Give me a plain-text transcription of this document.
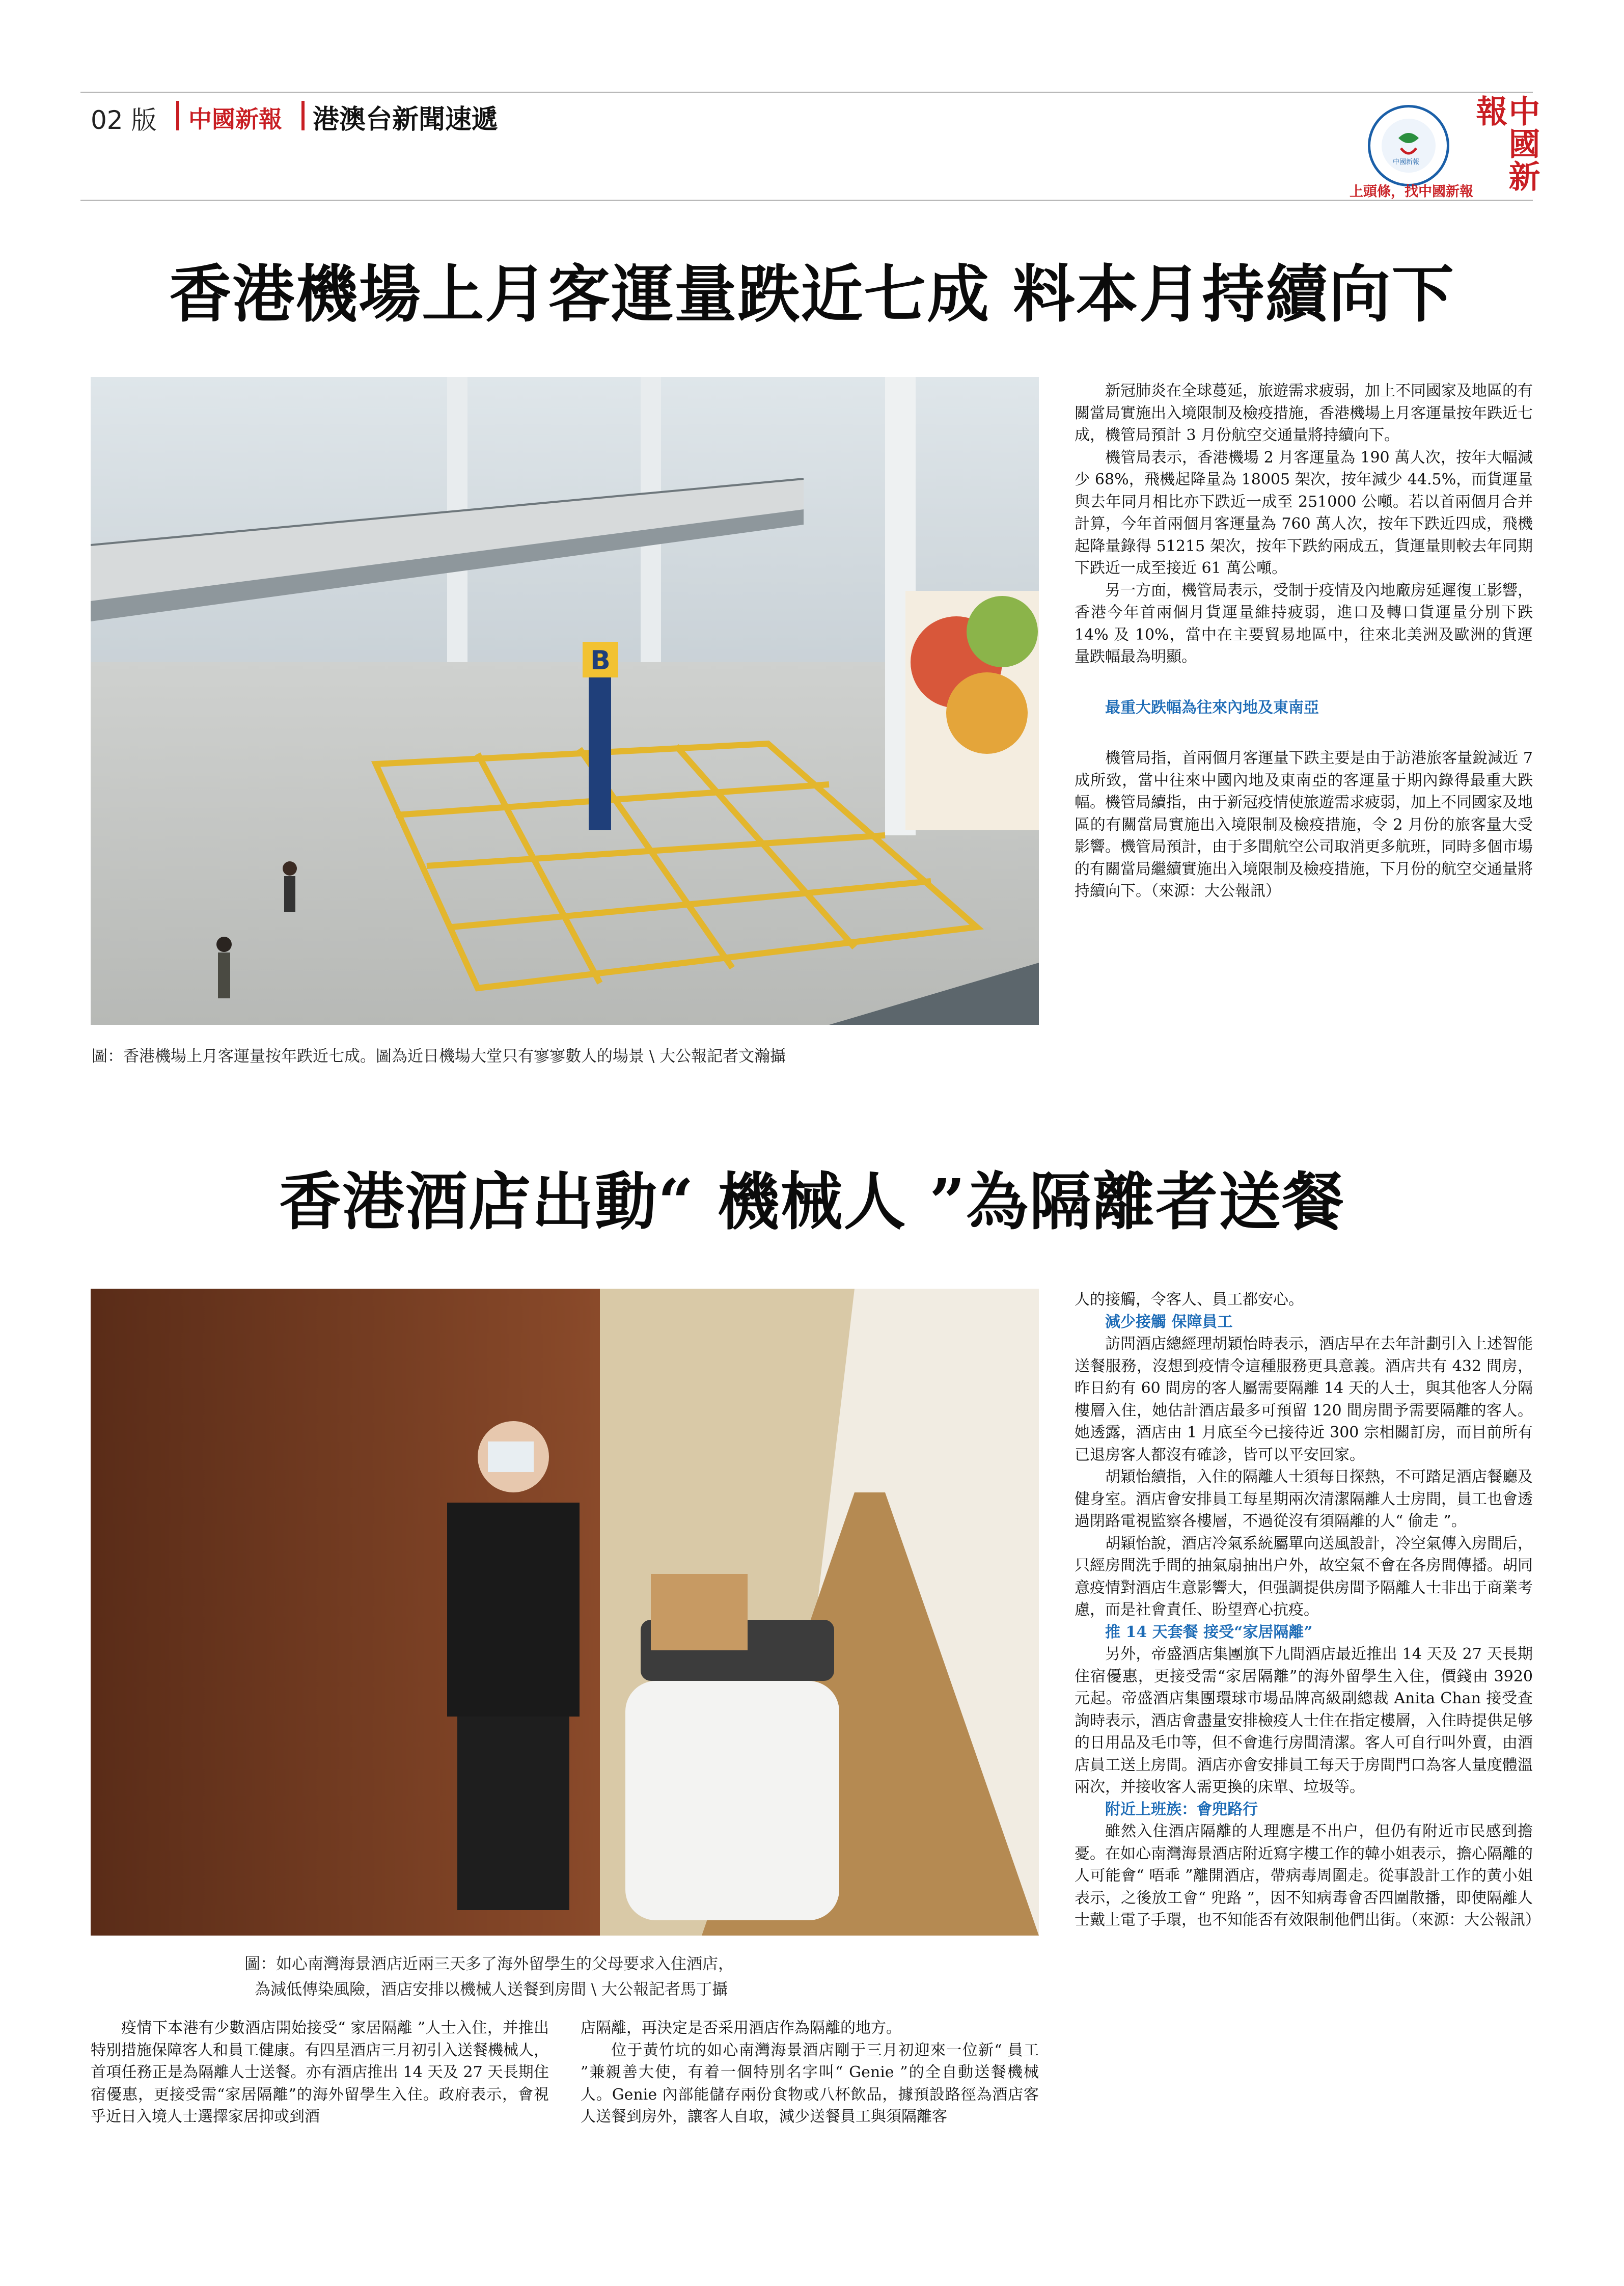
02 版 中國新報 港澳台新聞速遞
中國新報	中國新報
上頭條，找中國新報
香港機場上月客運量跌近七成 料本月持續向下
B
圖：香港機場上月客運量按年跌近七成。圖為近日機場大堂只有寥寥數人的場景 \ 大公報記者文瀚攝

新冠肺炎在全球蔓延，旅遊需求疲弱，加上不同國家及地區的有關當局實施出入境限制及檢疫措施，香港機場上月客運量按年跌近七成，機管局預計 3 月份航空交通量將持續向下。

機管局表示，香港機場 2 月客運量為 190 萬人次，按年大幅減少 68%，飛機起降量為 18005 架次，按年減少 44.5%，而貨運量與去年同月相比亦下跌近一成至 251000 公噸。若以首兩個月合并計算，今年首兩個月客運量為 760 萬人次，按年下跌近四成，飛機起降量錄得 51215 架次，按年下跌約兩成五，貨運量則較去年同期下跌近一成至接近 61 萬公噸。

另一方面，機管局表示，受制于疫情及內地廠房延遲復工影響，香港今年首兩個月貨運量維持疲弱，進口及轉口貨運量分別下跌 14% 及 10%，當中在主要貿易地區中，往來北美洲及歐洲的貨運量跌幅最為明顯。

最重大跌幅為往來內地及東南亞

機管局指，首兩個月客運量下跌主要是由于訪港旅客量銳減近 7 成所致，當中往來中國內地及東南亞的客運量于期內錄得最重大跌幅。機管局續指，由于新冠疫情使旅遊需求疲弱，加上不同國家及地區的有關當局實施出入境限制及檢疫措施，令 2 月份的旅客量大受影響。機管局預計，由于多間航空公司取消更多航班，同時多個市場的有關當局繼續實施出入境限制及檢疫措施，下月份的航空交通量將持續向下。（來源：大公報訊）

香港酒店出動“ 機械人 ”為隔離者送餐
圖：如心南灣海景酒店近兩三天多了海外留學生的父母要求入住酒店，
為減低傳染風險，酒店安排以機械人送餐到房間 \ 大公報記者馬丁攝

疫情下本港有少數酒店開始接受“ 家居隔離 ”人士入住，并推出特別措施保障客人和員工健康。有四星酒店三月初引入送餐機械人，首項任務正是為隔離人士送餐。亦有酒店推出 14 天及 27 天長期住宿優惠，更接受需“家居隔離”的海外留學生入住。政府表示，會視乎近日入境人士選擇家居抑或到酒

店隔離，再決定是否采用酒店作為隔離的地方。

位于黃竹坑的如心南灣海景酒店剛于三月初迎來一位新“ 員工 ”兼親善大使，有着一個特別名字叫“ Genie ”的全自動送餐機械人。Genie 內部能儲存兩份食物或八杯飲品，據預設路徑為酒店客人送餐到房外，讓客人自取，減少送餐員工與須隔離客

人的接觸，令客人、員工都安心。

減少接觸 保障員工

訪問酒店總經理胡穎怡時表示，酒店早在去年計劃引入上述智能送餐服務，沒想到疫情令這種服務更具意義。酒店共有 432 間房，昨日約有 60 間房的客人屬需要隔離 14 天的人士，與其他客人分隔樓層入住，她估計酒店最多可預留 120 間房間予需要隔離的客人。她透露，酒店由 1 月底至今已接待近 300 宗相關訂房，而目前所有已退房客人都沒有確診，皆可以平安回家。

胡穎怡續指，入住的隔離人士須每日探熱，不可踏足酒店餐廳及健身室。酒店會安排員工每星期兩次清潔隔離人士房間，員工也會透過閉路電視監察各樓層，不過從沒有須隔離的人“ 偷走 ”。

胡穎怡說，酒店冷氣系統屬單向送風設計，冷空氣傳入房間后，只經房間洗手間的抽氣扇抽出户外，故空氣不會在各房間傳播。胡同意疫情對酒店生意影響大，但强調提供房間予隔離人士非出于商業考慮，而是社會責任、盼望齊心抗疫。

推 14 天套餐 接受“家居隔離”

另外，帝盛酒店集團旗下九間酒店最近推出 14 天及 27 天長期住宿優惠，更接受需“家居隔離”的海外留學生入住，價錢由 3920 元起。帝盛酒店集團環球市場品牌高級副總裁 Anita Chan 接受查詢時表示，酒店會盡量安排檢疫人士住在指定樓層，入住時提供足够的日用品及毛巾等，但不會進行房間清潔。客人可自行叫外賣，由酒店員工送上房間。酒店亦會安排員工每天于房間門口為客人量度體溫兩次，并接收客人需更換的床單、垃圾等。

附近上班族：會兜路行

雖然入住酒店隔離的人理應是不出户，但仍有附近市民感到擔憂。在如心南灣海景酒店附近寫字樓工作的韓小姐表示，擔心隔離的人可能會“ 唔乖 ”離開酒店，帶病毒周圍走。從事設計工作的黄小姐表示，之後放工會“ 兜路 ”，因不知病毒會否四圍散播，即使隔離人士戴上電子手環，也不知能否有效限制他們出街。（來源：大公報訊）
